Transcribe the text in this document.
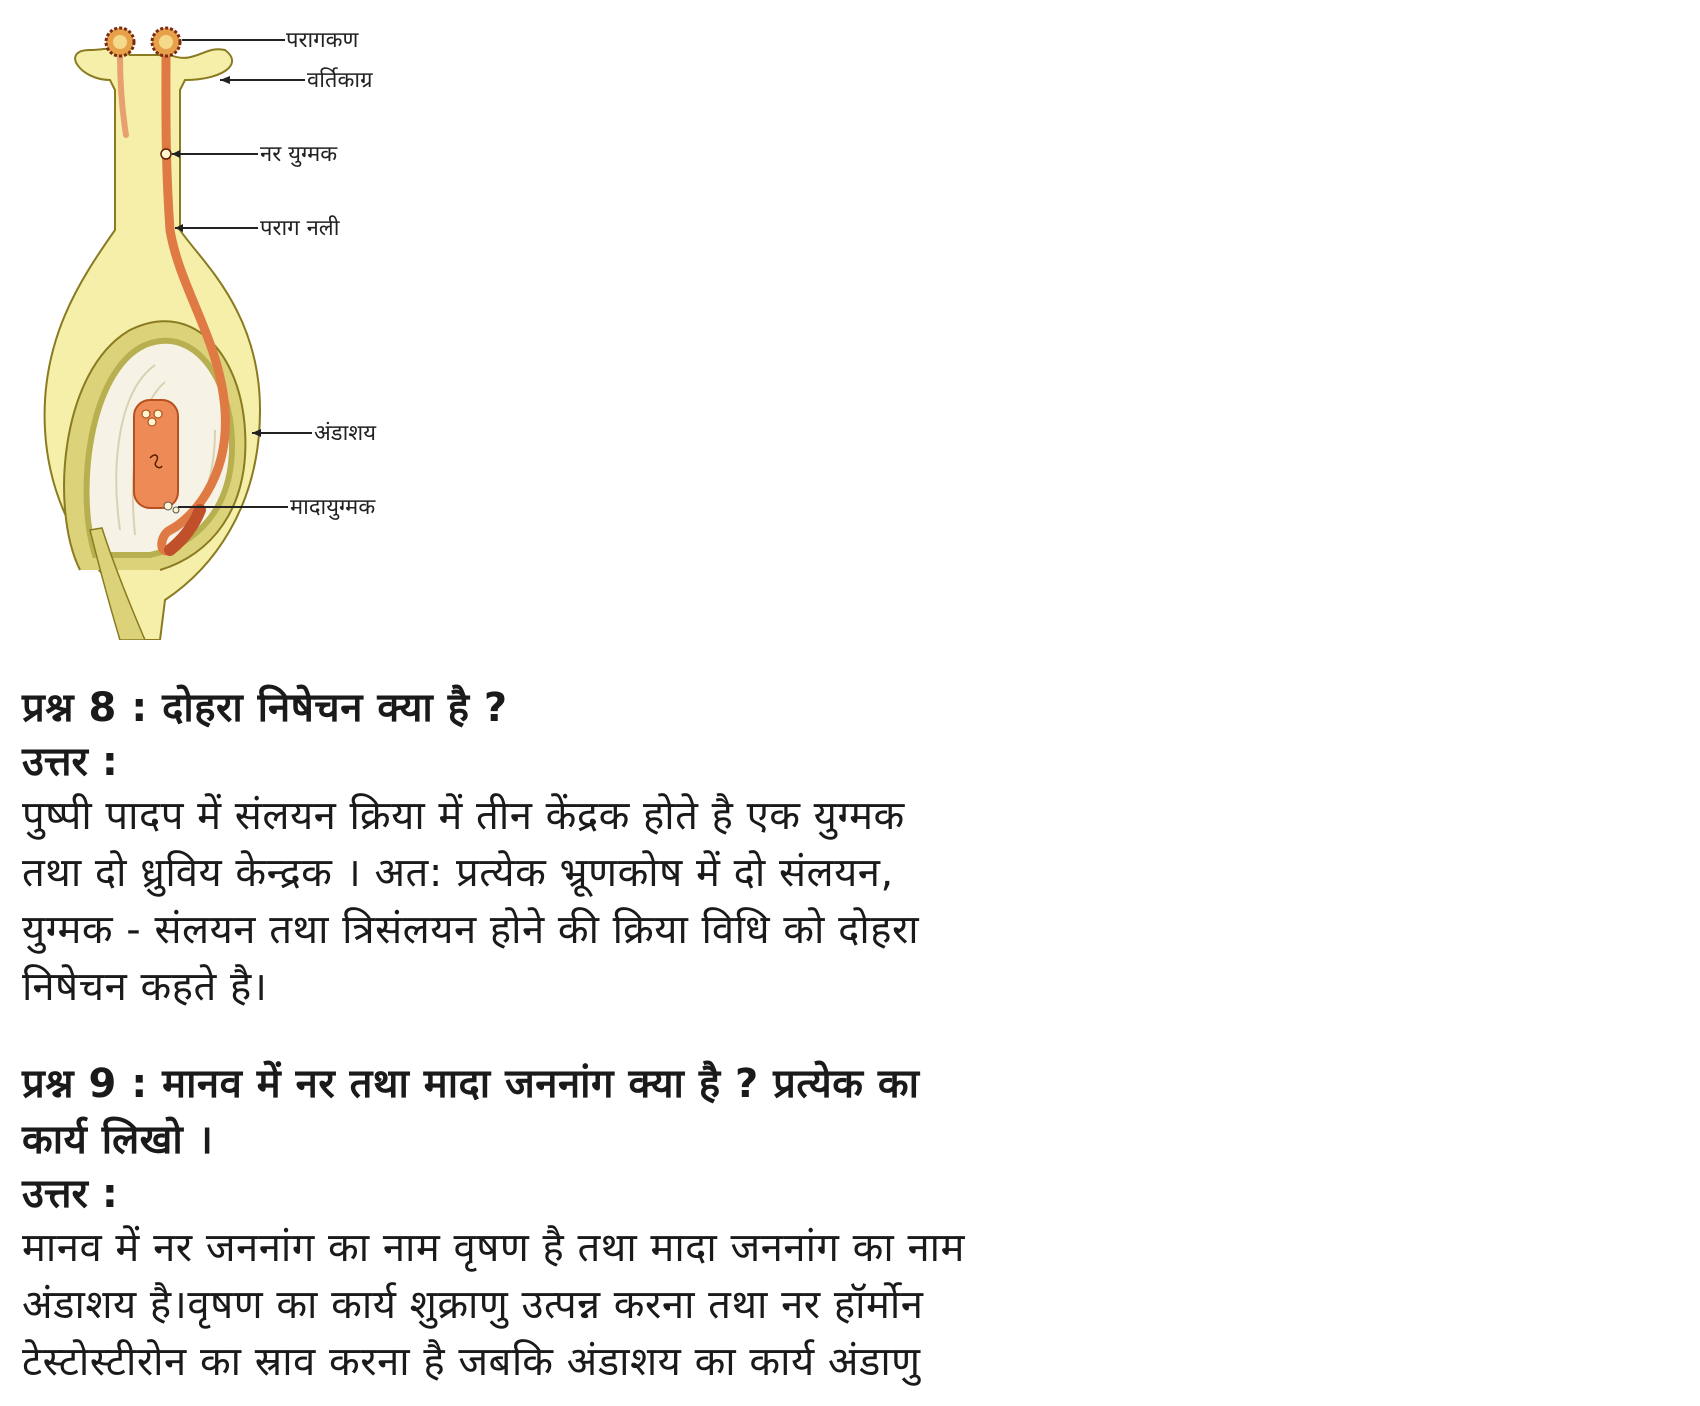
परागकण
वर्तिकाग्र
नर युग्मक
पराग नली
अंडाशय
मादायुग्मक

प्रश्न 8 : दोहरा निषेचन क्या है ?

उत्तर :

पुष्पी पादप में संलयन क्रिया में तीन केंद्रक होते है एक युग्मक

तथा दो ध्रुविय केन्द्रक । अत: प्रत्येक भ्रूणकोष में दो संलयन,

युग्मक - संलयन तथा त्रिसंलयन होने की क्रिया विधि को दोहरा

निषेचन कहते है।

प्रश्न 9 : मानव में नर तथा मादा जननांग क्या है ? प्रत्येक का

कार्य लिखो ।

उत्तर :

मानव में नर जननांग का नाम वृषण है तथा मादा जननांग का नाम

अंडाशय है।वृषण का कार्य शुक्राणु उत्पन्न करना तथा नर हॉर्मोन

टेस्टोस्टीरोन का स्राव करना है जबकि अंडाशय का कार्य अंडाणु
